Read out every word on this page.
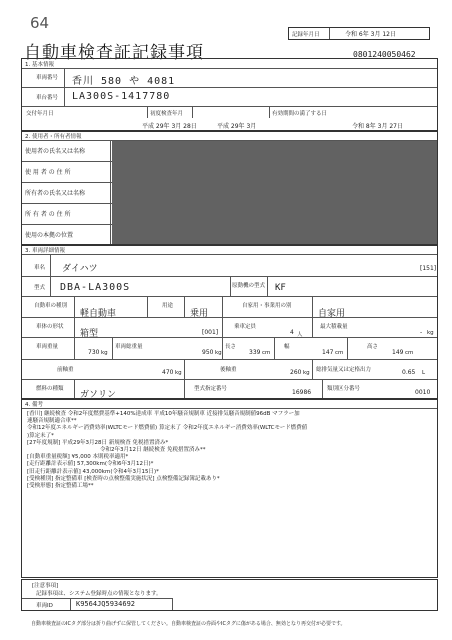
64
記録年月日	令和 6年 3月 12日
自動車検査証記録事項	0801240050462
1. 基本情報
車両番号 香川 580 や 4081
車台番号 LA300S-1417780
交付年月日
平成 29年 3月 28日
初度検査年月
平成 29年 3月
有効期間の満了する日
令和 8年 3月 27日
2. 使用者・所有者情報
使用者の氏名又は名称
使 用 者 の 住 所
所有者の氏名又は名称
所 有 者 の 住 所
使用の本拠の位置
3. 車両詳細情報
車名 ダイハツ	[151]
型式 DBA-LA300S	原動機の型式 KF
自動車の種別
軽自動車
用途
乗用
自家用・事業用の別
自家用
車体の形状
箱型	[001]
乗車定員
4 人
最大積載量
- kg
車両重量
730 kg
車両総重量
950 kg
長さ
339 cm
幅
147 cm
高さ
149 cm
前軸重	470 kg	後軸重	260 kg 総排気量又は定格出力	0.65 L
燃料の種類
ガソリン
型式指定番号	16986	類別区分番号	0010
4. 備考
[香川] 継続検査 令和2年度燃費基準+140%達成車 平成10年騒音規制車 近接排気騒音規制値96dB マフラー加
速騒音規制適合車**
令和12年度エネルギー消費効率(WLTCモード燃費値) 算定未了 令和2年度エネルギー消費効率(WLTCモード燃費値
)算定未了*
[27年度規制] 平成29年3月28日 新規検査 免税措置済み*
令和2年3月12日 継続検査 免税措置済み**
[自動車重量税額] ¥5,000 本則税率適用*
[走行距離計表示値] 57,300km(令和6年3月12日)*
[旧走行距離計表示値] 43,000km(令和4年3月15日)*
[受検種別] 指定整備車 [検査時の点検整備実施状況] 点検整備記録簿記載あり*
[受検形態] 指定整備工場**
[注意事項]
記録事項は、システム登録時点の情報となります。
車両ID	K9564JQ5934692
自動車検査証のICタグ部分は折り曲げずに保管してください。自動車検査証の券面やICタグに傷がある場合、無効となり再交付が必要です。
